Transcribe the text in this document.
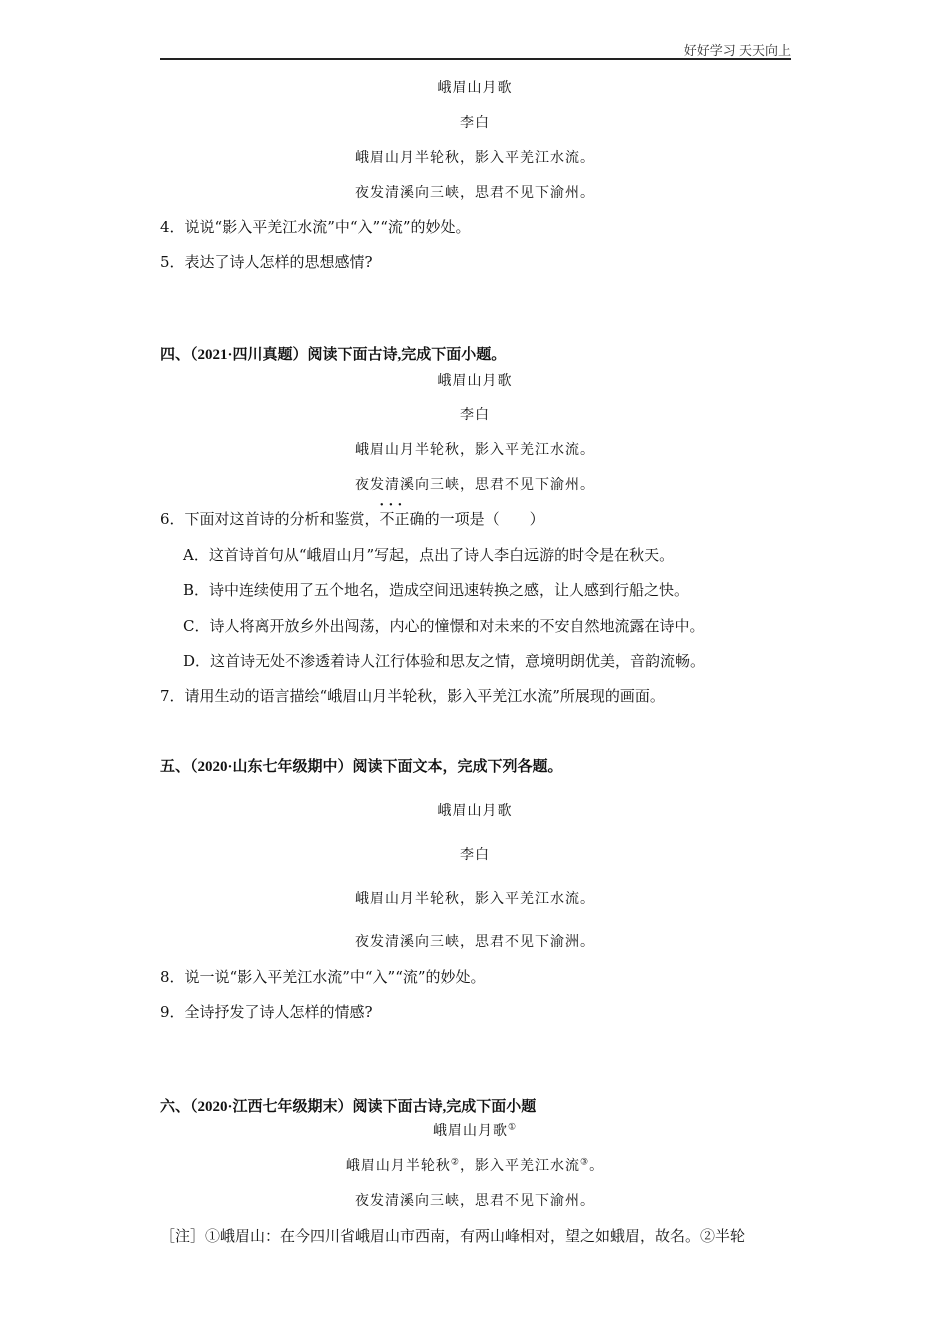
好好学习 天天向上
峨眉山月歌
李白
峨眉山月半轮秋，影入平羌江水流。
夜发清溪向三峡，思君不见下渝州。
4．说说“影入平羌江水流”中“入”“流”的妙处。
5．表达了诗人怎样的思想感情?
四、（2021·四川真题）阅读下面古诗,完成下面小题。
峨眉山月歌
李白
峨眉山月半轮秋，影入平羌江水流。
夜发清溪向三峡，思君不见下渝州。
6．下面对这首诗的分析和鉴赏，· · · 不正确的一项是（　　）
A．这首诗首句从“峨眉山月”写起，点出了诗人李白远游的时令是在秋天。
B．诗中连续使用了五个地名，造成空间迅速转换之感，让人感到行船之快。
C．诗人将离开放乡外出闯荡，内心的憧憬和对未来的不安自然地流露在诗中。
D．这首诗无处不渗透着诗人江行体验和思友之情，意境明朗优美，音韵流畅。
7．请用生动的语言描绘“峨眉山月半轮秋，影入平羌江水流”所展现的画面。
五、（2020·山东七年级期中）阅读下面文本，完成下列各题。
峨眉山月歌
李白
峨眉山月半轮秋，影入平羌江水流。
夜发清溪向三峡，思君不见下渝洲。
8．说一说“影入平羌江水流”中“入”“流”的妙处。
9．全诗抒发了诗人怎样的情感?
六、（2020·江西七年级期末）阅读下面古诗,完成下面小题
峨眉山月歌①
峨眉山月半轮秋②，影入平羌江水流③。
夜发清溪向三峡，思君不见下渝州。
［注］①峨眉山：在今四川省峨眉山市西南，有两山峰相对，望之如蛾眉，故名。②半轮
